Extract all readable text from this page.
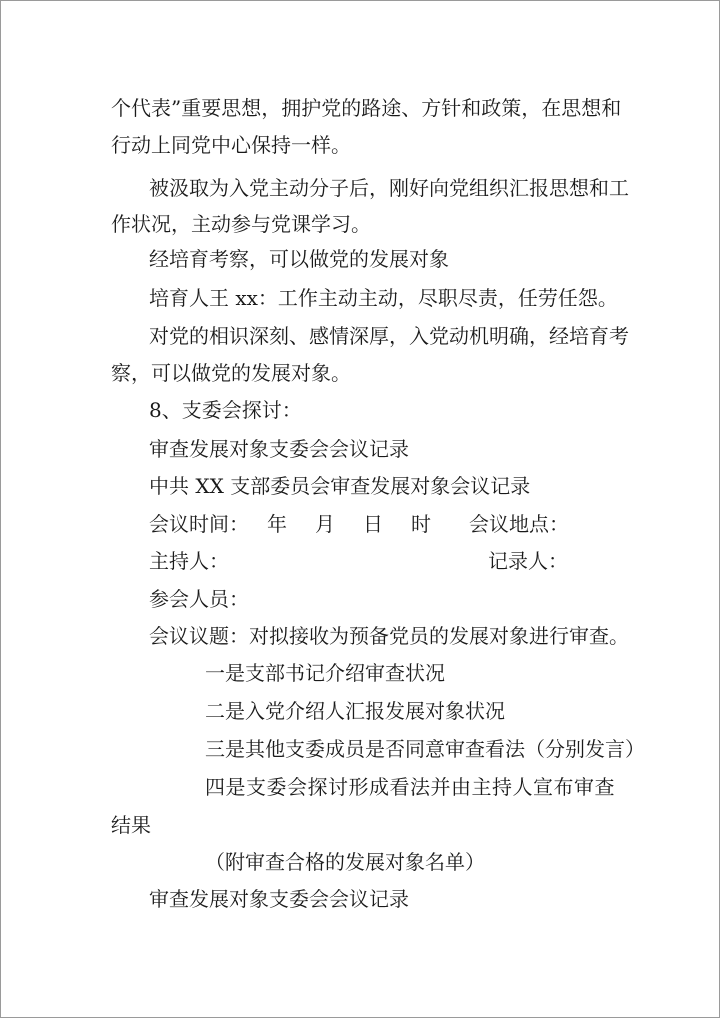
个代表”重要思想，拥护党的路途、方针和政策，在思想和
行动上同党中心保持一样。
被汲取为入党主动分子后，刚好向党组织汇报思想和工
作状况，主动参与党课学习。
经培育考察，可以做党的发展对象
培育人王 xx：工作主动主动，尽职尽责，任劳任怨。
对党的相识深刻、感情深厚，入党动机明确，经培育考
察，可以做党的发展对象。
8、支委会探讨：
审查发展对象支委会会议记录
中共 XX 支部委员会审查发展对象会议记录
会议时间： 年 月 日 时 会议地点：
主持人：	记录人：
参会人员：
会议议题：对拟接收为预备党员的发展对象进行审查。
一是支部书记介绍审查状况
二是入党介绍人汇报发展对象状况
三是其他支委成员是否同意审查看法（分别发言）
四是支委会探讨形成看法并由主持人宣布审查
结果
（附审查合格的发展对象名单）
审查发展对象支委会会议记录
